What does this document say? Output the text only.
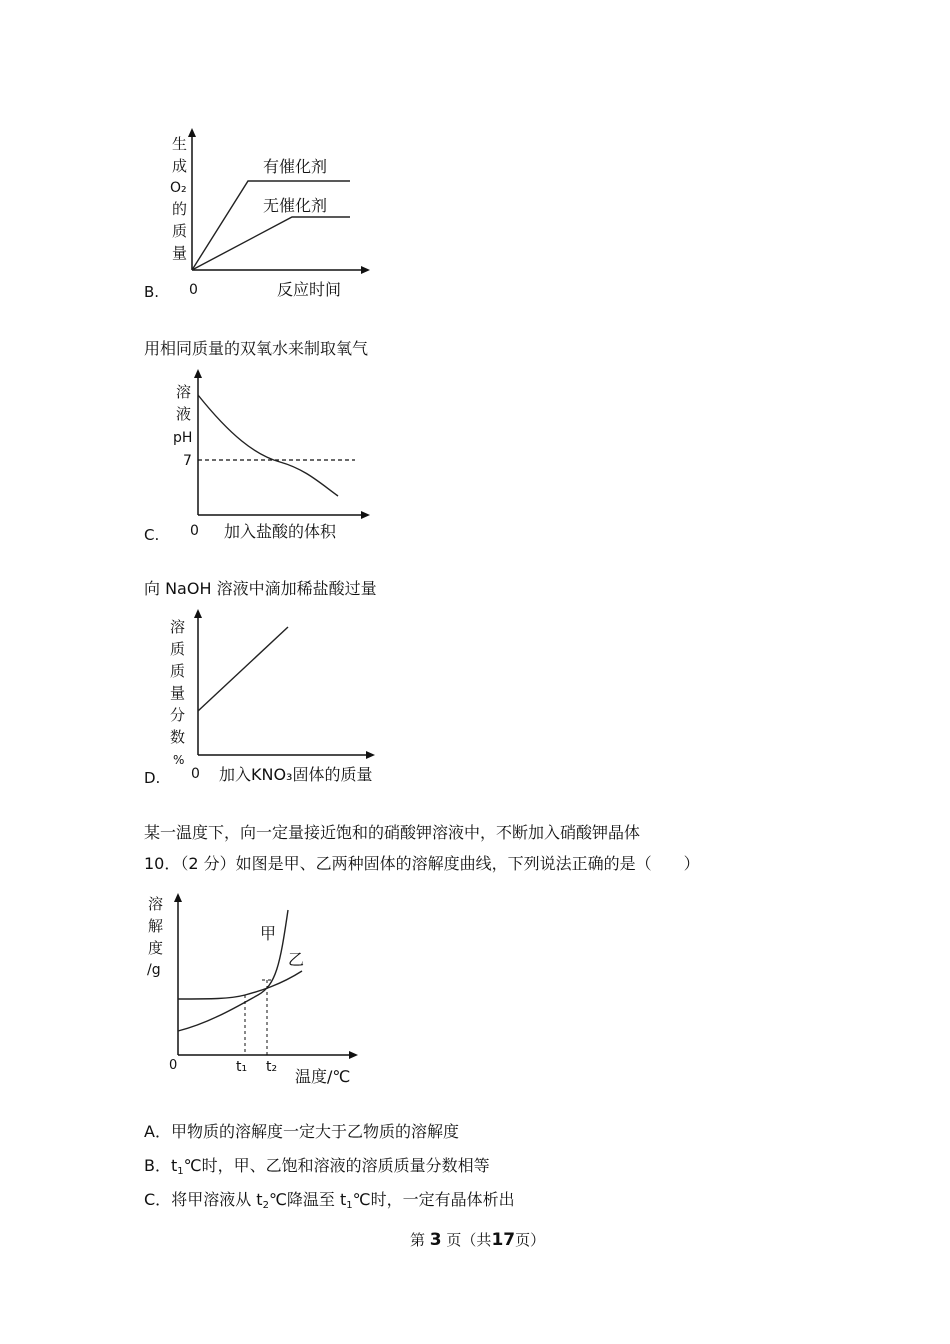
生
成
O₂
的
质
量
0	反应时间
有催化剂
无催化剂
B.
用相同质量的双氧水来制取氧气
溶
液
pH
7
0 加入盐酸的体积
C.
向 NaOH 溶液中滴加稀盐酸过量
溶
质
质
量
分
数
%
0 加入KNO₃固体的质量
D.
某一温度下，向一定量接近饱和的硝酸钾溶液中，不断加入硝酸钾晶体
10．（2 分）如图是甲、乙两种固体的溶解度曲线，下列说法正确的是（　　）
溶
解
度
/g
0	t₁ t₂ 温度/℃
甲
乙
A．甲物质的溶解度一定大于乙物质的溶解度
B．$t_1℃$时，甲、乙饱和溶液的溶质质量分数相等
C．将甲溶液从 $t_2℃$降温至 $t_1℃$时，一定有晶体析出
第 3 页（共17页）
